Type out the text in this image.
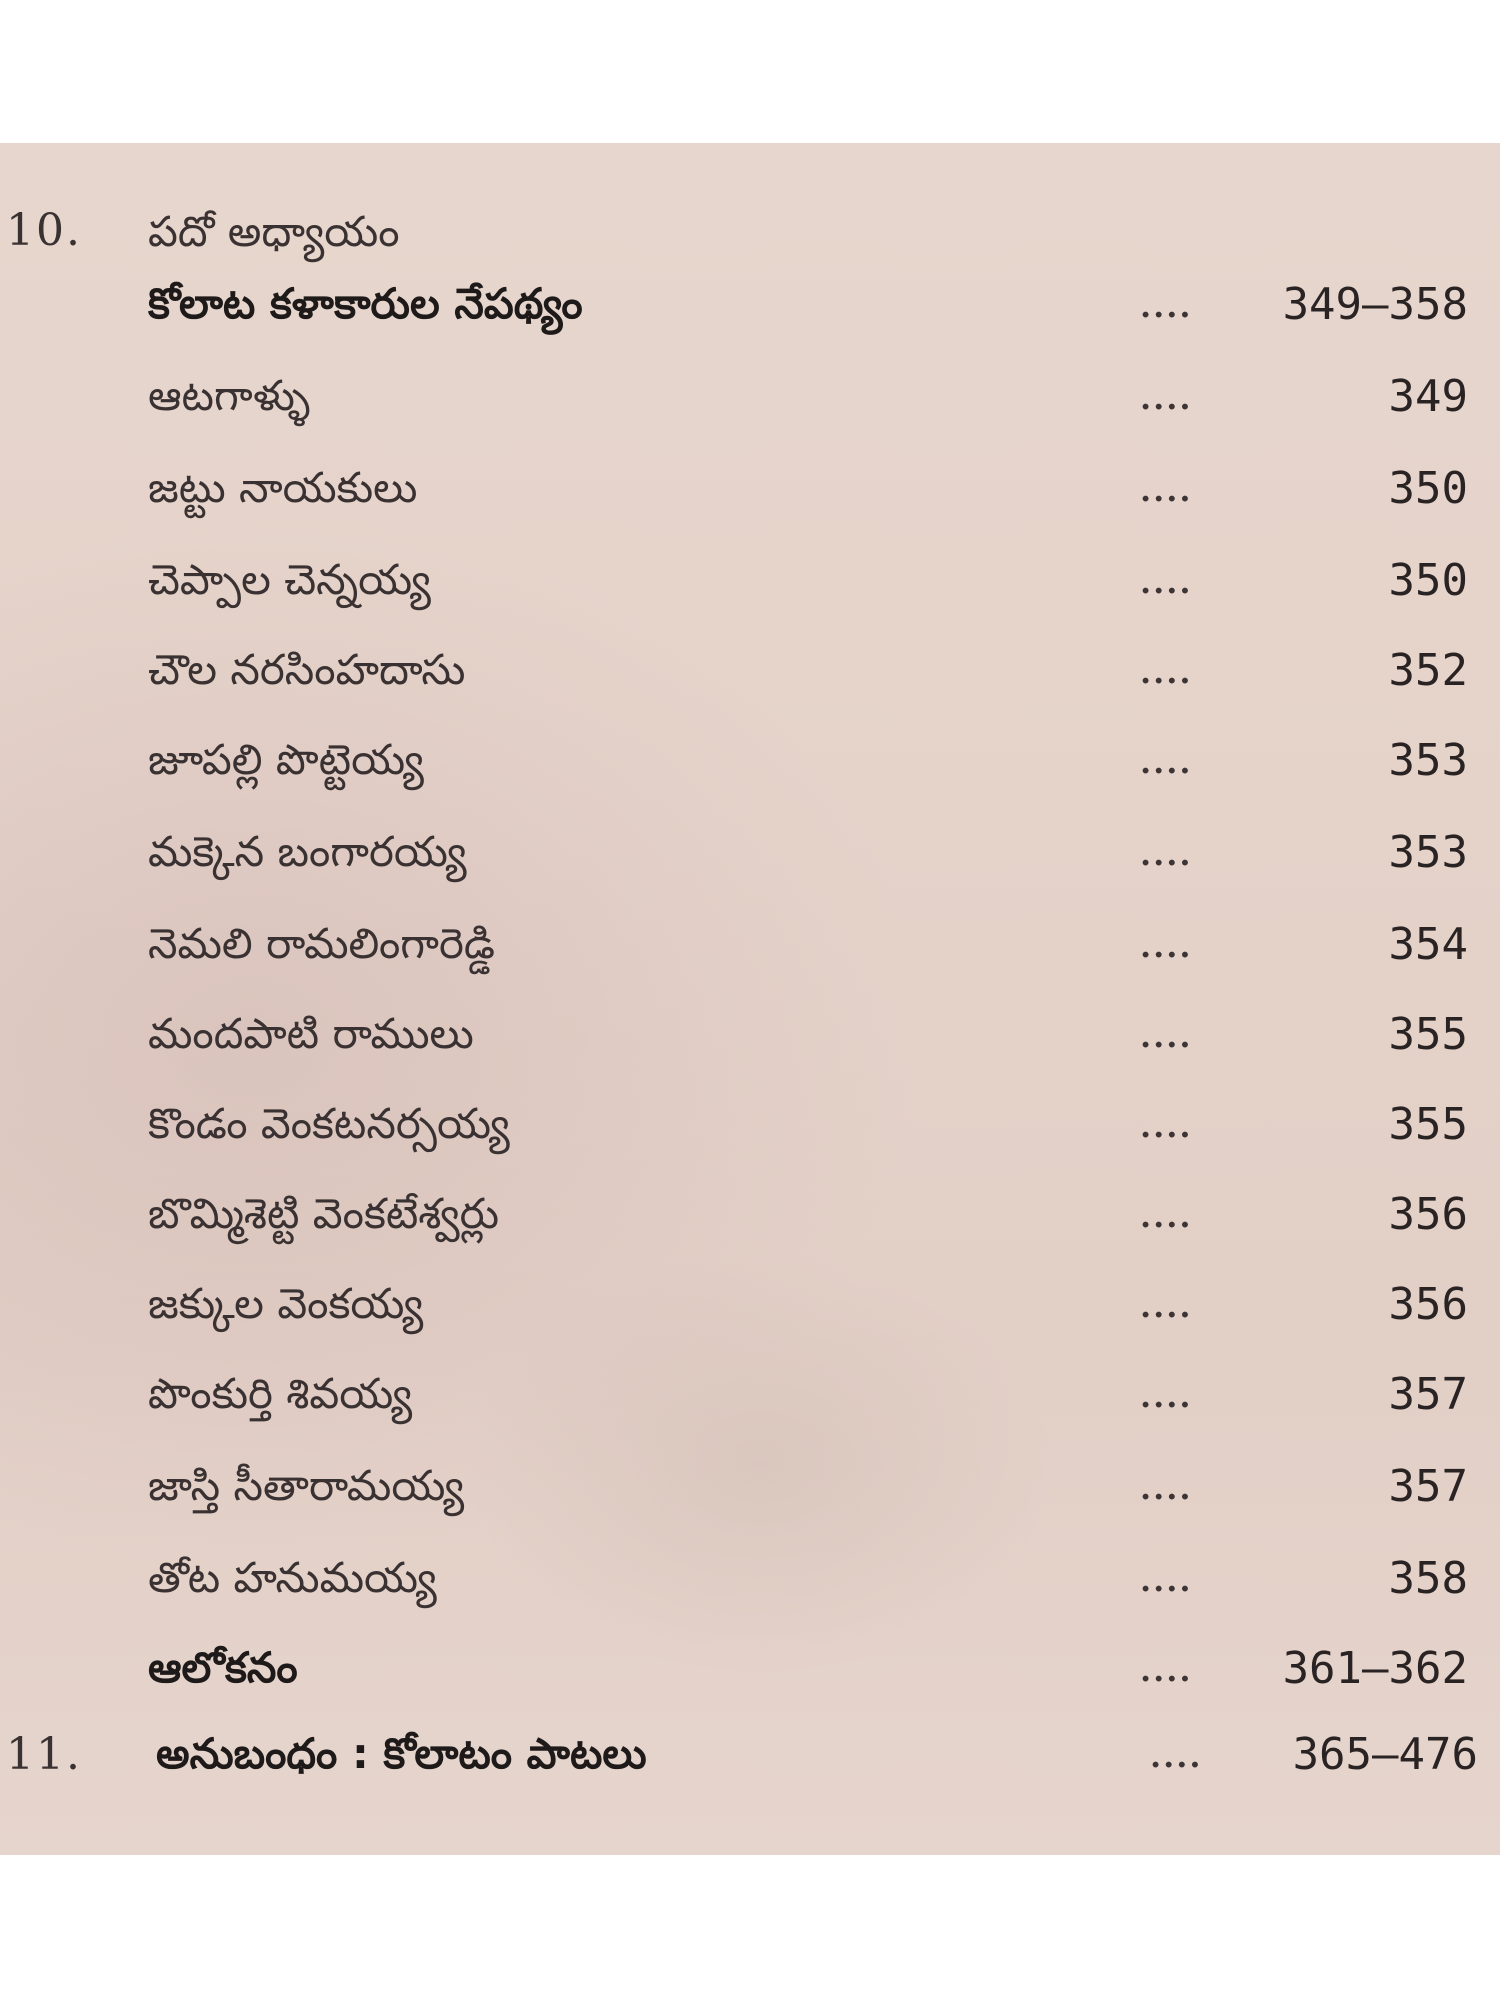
10. పదో అధ్యాయం
కోలాట కళాకారుల నేపథ్యం	.... 349–358
ఆటగాళ్ళు	....	349
జట్టు నాయకులు	....	350
చెప్పాల చెన్నయ్య	....	350
చౌల నరసింహదాసు	....	352
జూపల్లి పొట్టెయ్య	....	353
మక్కెన బంగారయ్య	....	353
నెమలి రామలింగారెడ్డి	....	354
మందపాటి రాములు	....	355
కొండం వెంకటనర్సయ్య	....	355
బొమ్మిశెట్టి వెంకటేశ్వర్లు	....	356
జక్కుల వెంకయ్య	....	356
పొంకుర్తి శివయ్య	....	357
జాస్తి సీతారామయ్య	....	357
తోట హనుమయ్య	....	358
ఆలోకనం	.... 361–362
11. అనుబంధం : కోలాటం పాటలు	.... 365–476
